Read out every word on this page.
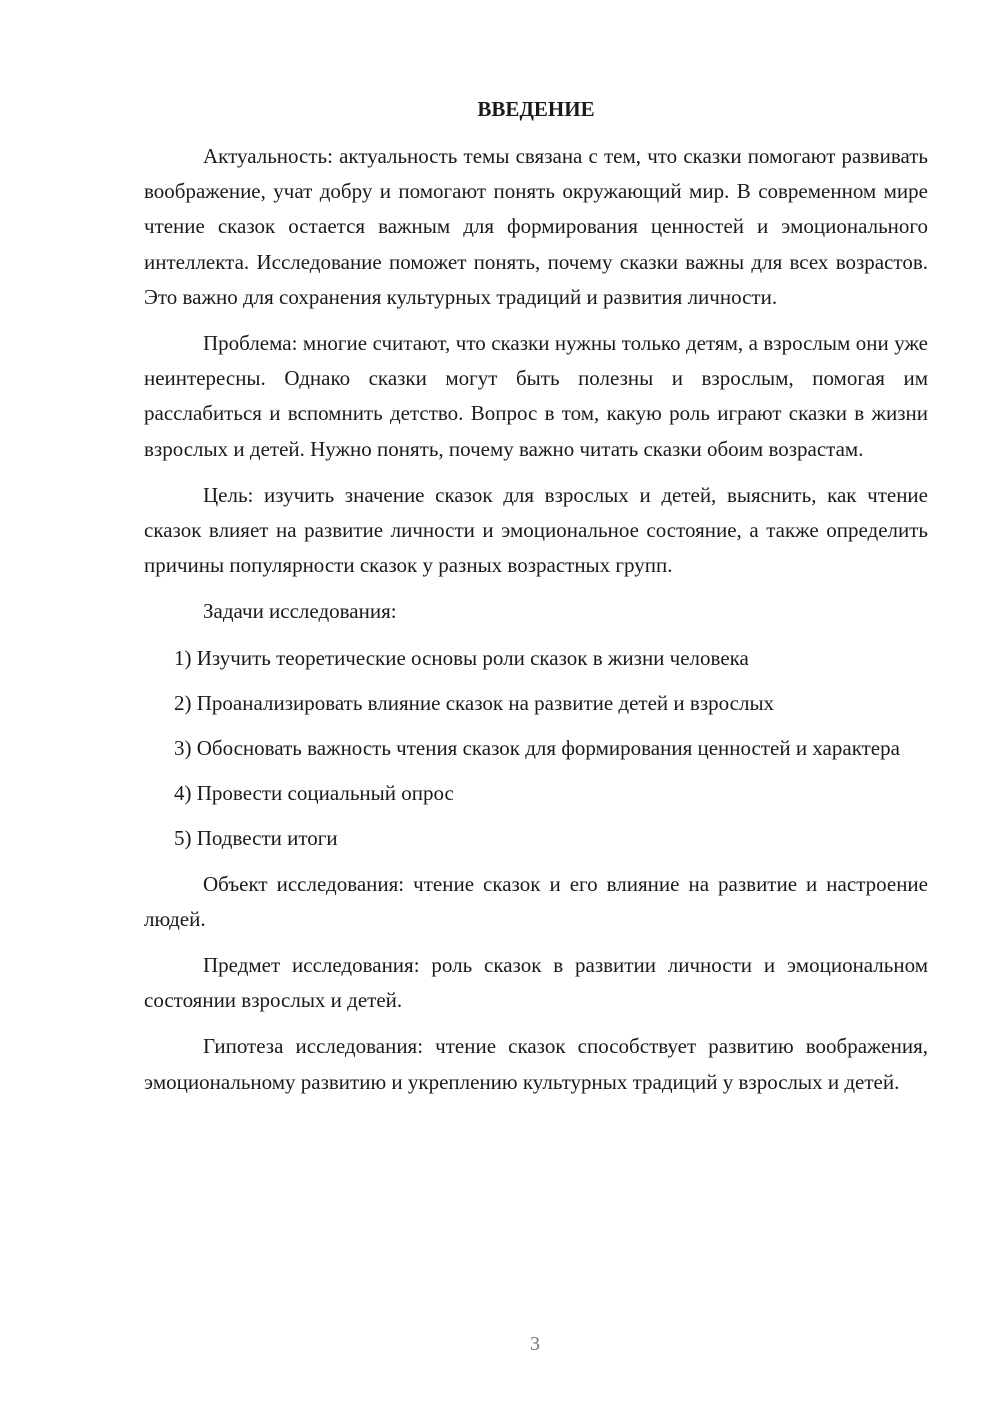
ВВЕДЕНИЕ

Актуальность: актуальность темы связана с тем, что сказки помогают развивать воображение, учат добру и помогают понять окружающий мир. В современном мире чтение сказок остается важным для формирования ценностей и эмоционального интеллекта. Исследование поможет понять, почему сказки важны для всех возрастов. Это важно для сохранения культурных традиций и развития личности.

Проблема: многие считают, что сказки нужны только детям, а взрослым они уже неинтересны. Однако сказки могут быть полезны и взрослым, помогая им расслабиться и вспомнить детство. Вопрос в том, какую роль играют сказки в жизни взрослых и детей. Нужно понять, почему важно читать сказки обоим возрастам.

Цель: изучить значение сказок для взрослых и детей, выяснить, как чтение сказок влияет на развитие личности и эмоциональное состояние, а также определить причины популярности сказок у разных возрастных групп.

Задачи исследования:

1) Изучить теоретические основы роли сказок в жизни человека

2) Проанализировать влияние сказок на развитие детей и взрослых

3) Обосновать важность чтения сказок для формирования ценностей и характера

4) Провести социальный опрос

5) Подвести итоги

Объект исследования: чтение сказок и его влияние на развитие и настроение людей.

Предмет исследования: роль сказок в развитии личности и эмоциональном состоянии взрослых и детей.

Гипотеза исследования: чтение сказок способствует развитию воображения, эмоциональному развитию и укреплению культурных традиций у взрослых и детей.

3
